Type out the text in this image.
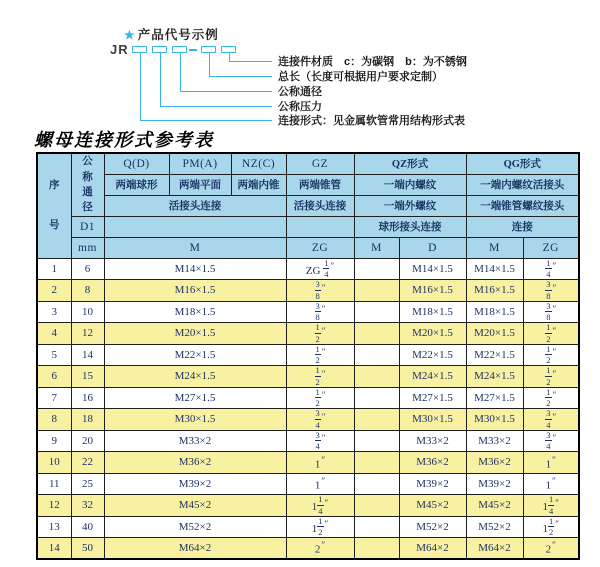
★ 产品代号示例
JR
连接件材质　c：为碳钢　b：为不锈钢
总长（长度可根据用户要求定制）
公称通径
公称压力
连接形式：见金属软管常用结构形式表
螺母连接形式参考表
序号	公称通径	Q(D)	PM(A)	NZ(C)	GZ	QZ形式		QG形式	
		两端球形	两端平面	两端内锥	两端锥管	一端内螺纹		一端内螺纹活接头	
		活接头连接			活接头连接	一端外螺纹		一端锥管螺纹接头	
	D1					球形接头连接		连接	
	mm	M			ZG	M	D	M	ZG
1	6	M14×1.5			ZG $\frac{1}{4} ''$		M14×1.5	M14×1.5	$\frac{1}{4} ''$
2	8	M16×1.5			$\frac{3}{8} ''$		M16×1.5	M16×1.5	$\frac{3}{8} ''$
3	10	M18×1.5			$\frac{3}{8} ''$		M18×1.5	M18×1.5	$\frac{3}{8} ''$
4	12	M20×1.5			$\frac{1}{2} ''$		M20×1.5	M20×1.5	$\frac{1}{2} ''$
5	14	M22×1.5			$\frac{1}{2} ''$		M22×1.5	M22×1.5	$\frac{1}{2} ''$
6	15	M24×1.5			$\frac{1}{2} ''$		M24×1.5	M24×1.5	$\frac{1}{2} ''$
7	16	M27×1.5			$\frac{1}{2} ''$		M27×1.5	M27×1.5	$\frac{1}{2} ''$
8	18	M30×1.5			$\frac{3}{4} ''$		M30×1.5	M30×1.5	$\frac{3}{4} ''$
9	20	M33×2			$\frac{3}{4} ''$		M33×2	M33×2	$\frac{3}{4} ''$
10	22	M36×2			1″		M36×2	M36×2	1″
11	25	M39×2			1″		M39×2	M39×2	1″
12	32	M45×2			$1 \frac{1}{4} ''$		M45×2	M45×2	$1 \frac{1}{4} ''$
13	40	M52×2			$1 \frac{1}{2} ''$		M52×2	M52×2	$1 \frac{1}{2} ''$
14	50	M64×2			2″		M64×2	M64×2	2″
